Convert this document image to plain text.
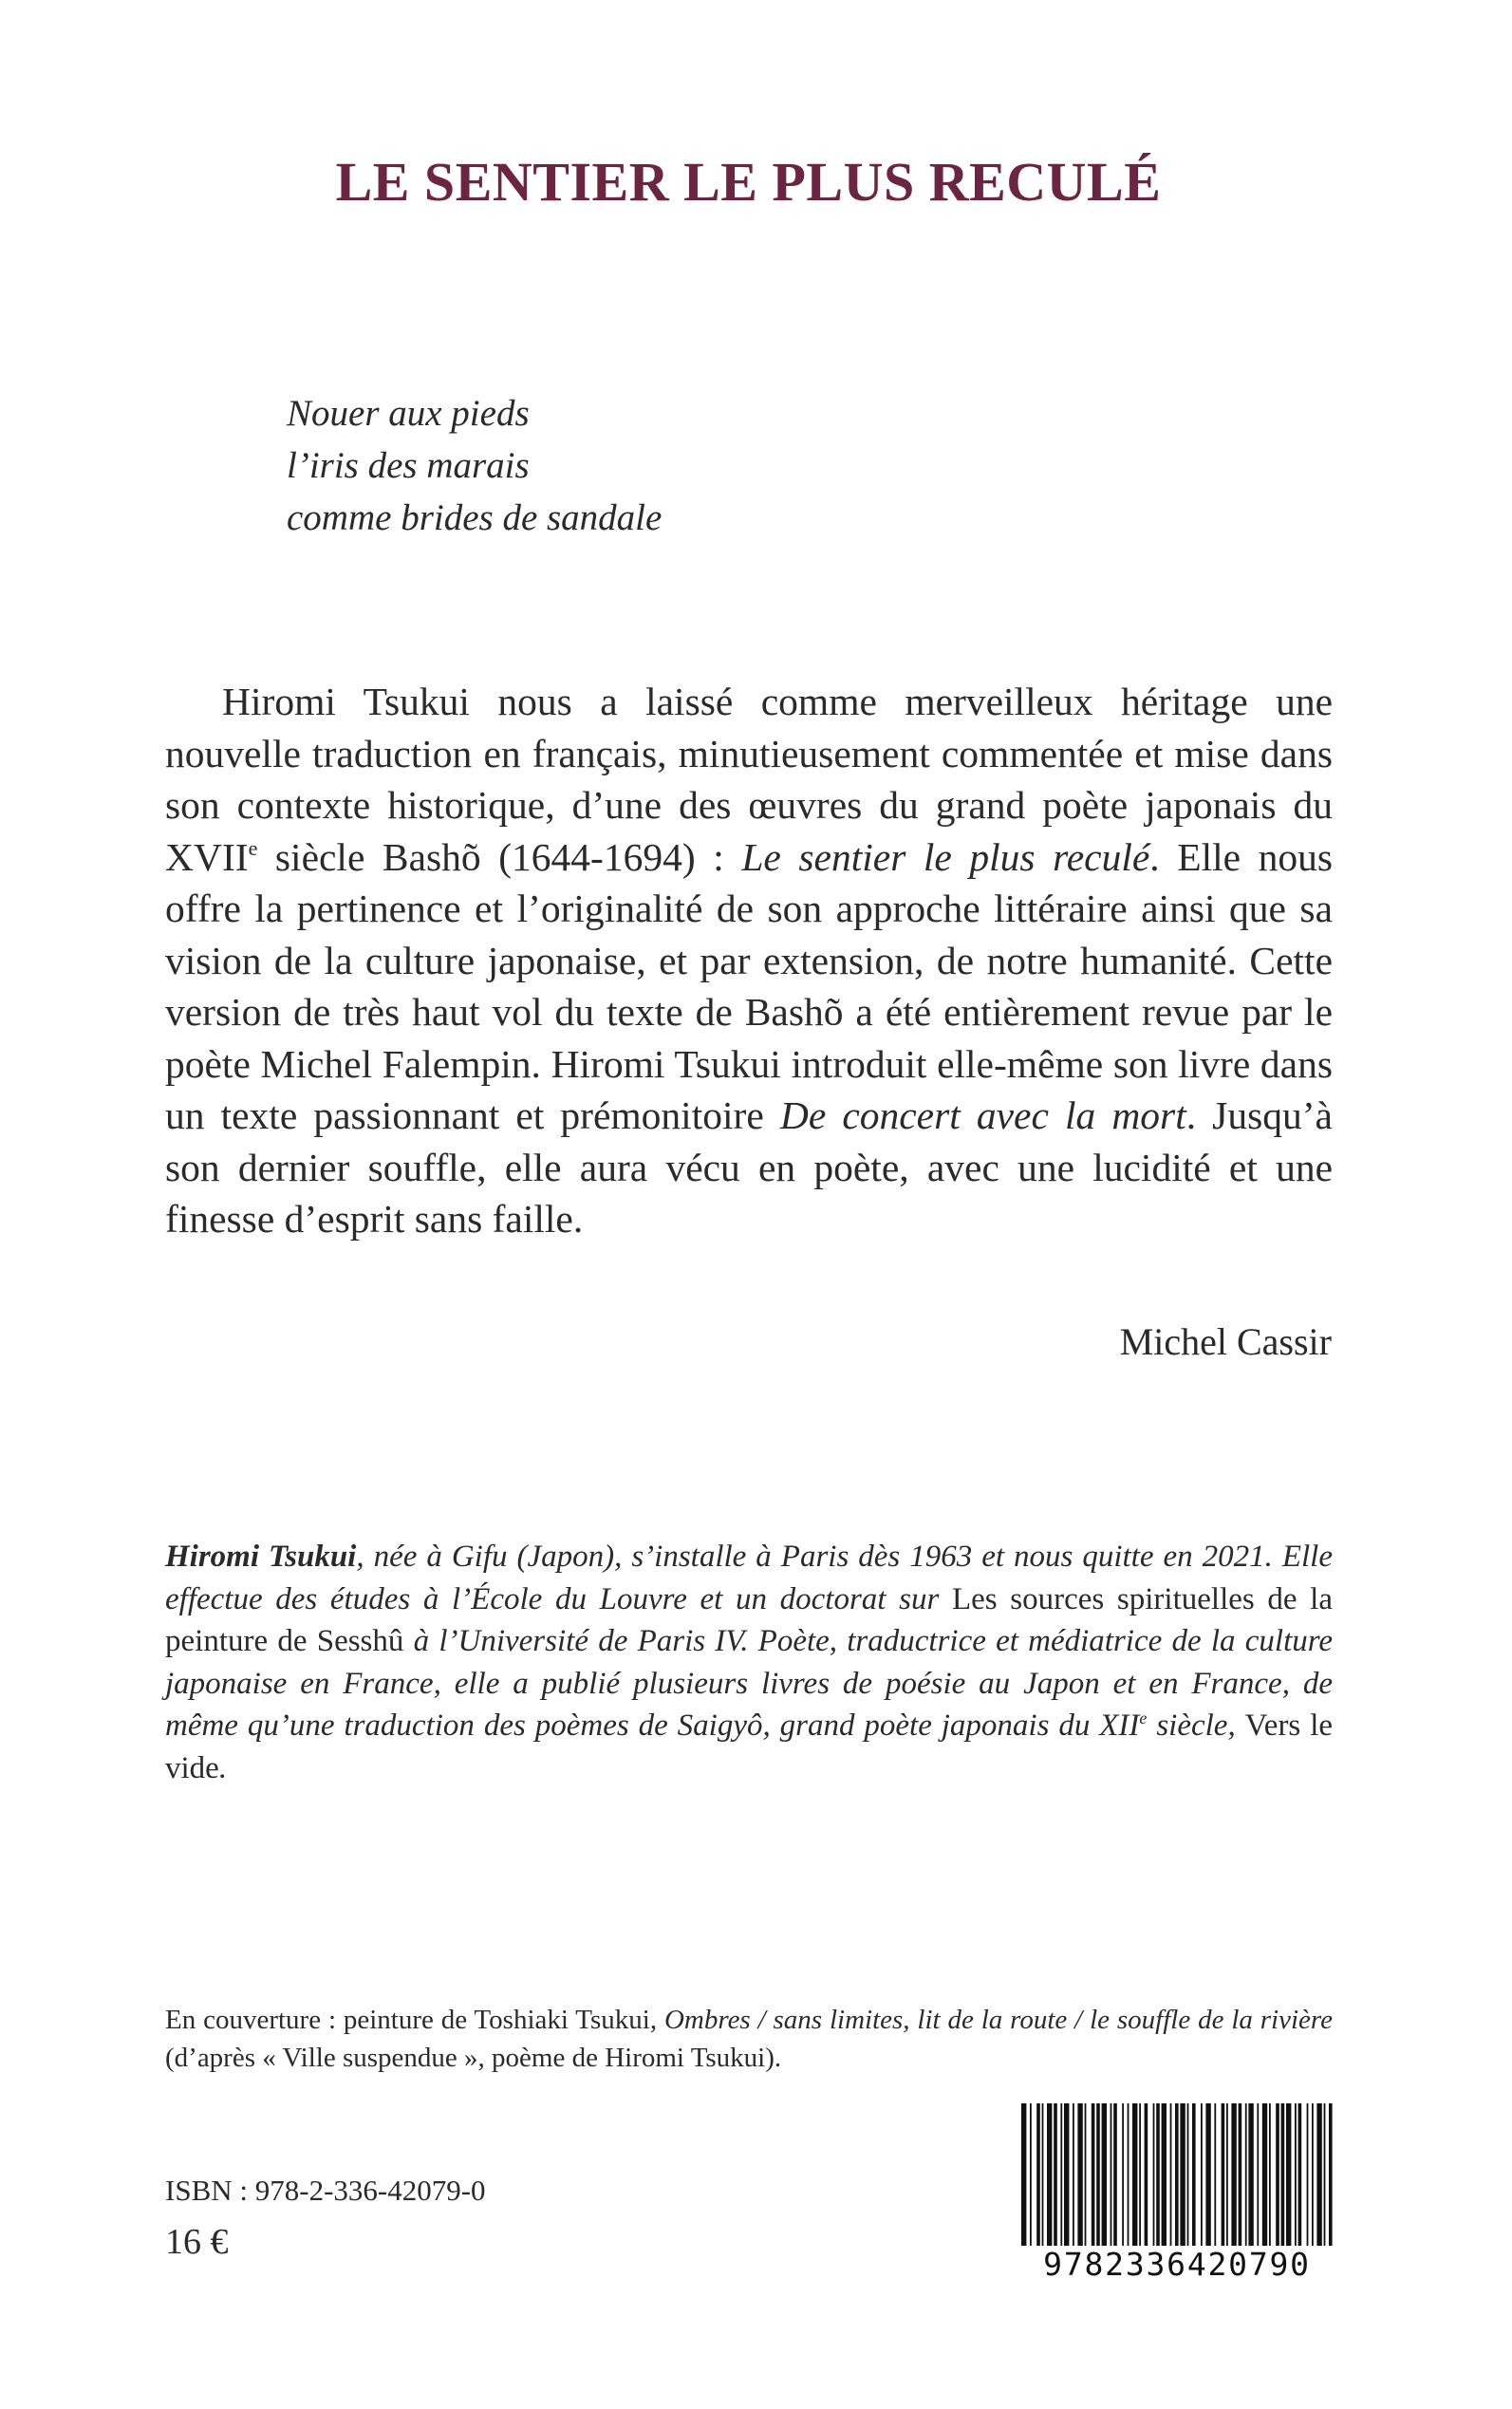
LE SENTIER LE PLUS RECULÉ
Nouer aux pieds
l’iris des marais
comme brides de sandale

Hiromi Tsukui nous a laissé comme merveilleux héritage une nouvelle traduction en français, minutieusement commentée et mise dans son contexte historique, d’une des œuvres du grand poète japonais du XVIIe siècle Bashõ (1644-1694) : Le sentier le plus reculé. Elle nous offre la pertinence et l’originalité de son approche littéraire ainsi que sa vision de la culture japonaise, et par extension, de notre humanité. Cette version de très haut vol du texte de Bashõ a été entièrement revue par le poète Michel Falempin. Hiromi Tsukui introduit elle-même son livre dans un texte passionnant et prémonitoire De concert avec la mort. Jusqu’à son dernier souffle, elle aura vécu en poète, avec une lucidité et une finesse d’esprit sans faille.

Michel Cassir

Hiromi Tsukui, née à Gifu (Japon), s’installe à Paris dès 1963 et nous quitte en 2021. Elle effectue des études à l’École du Louvre et un doctorat sur Les sources spirituelles de la peinture de Sesshû à l’Université de Paris IV. Poète, traductrice et médiatrice de la culture japonaise en France, elle a publié plusieurs livres de poésie au Japon et en France, de même qu’une traduction des poèmes de Saigyô, grand poète japonais du XIIe siècle, Vers le vide.

En couverture : peinture de Toshiaki Tsukui, Ombres / sans limites, lit de la route / le souffle de la rivière (d’après « Ville suspendue », poème de Hiromi Tsukui).

ISBN : 978-2-336-42079-0
16 €
9782336420790
